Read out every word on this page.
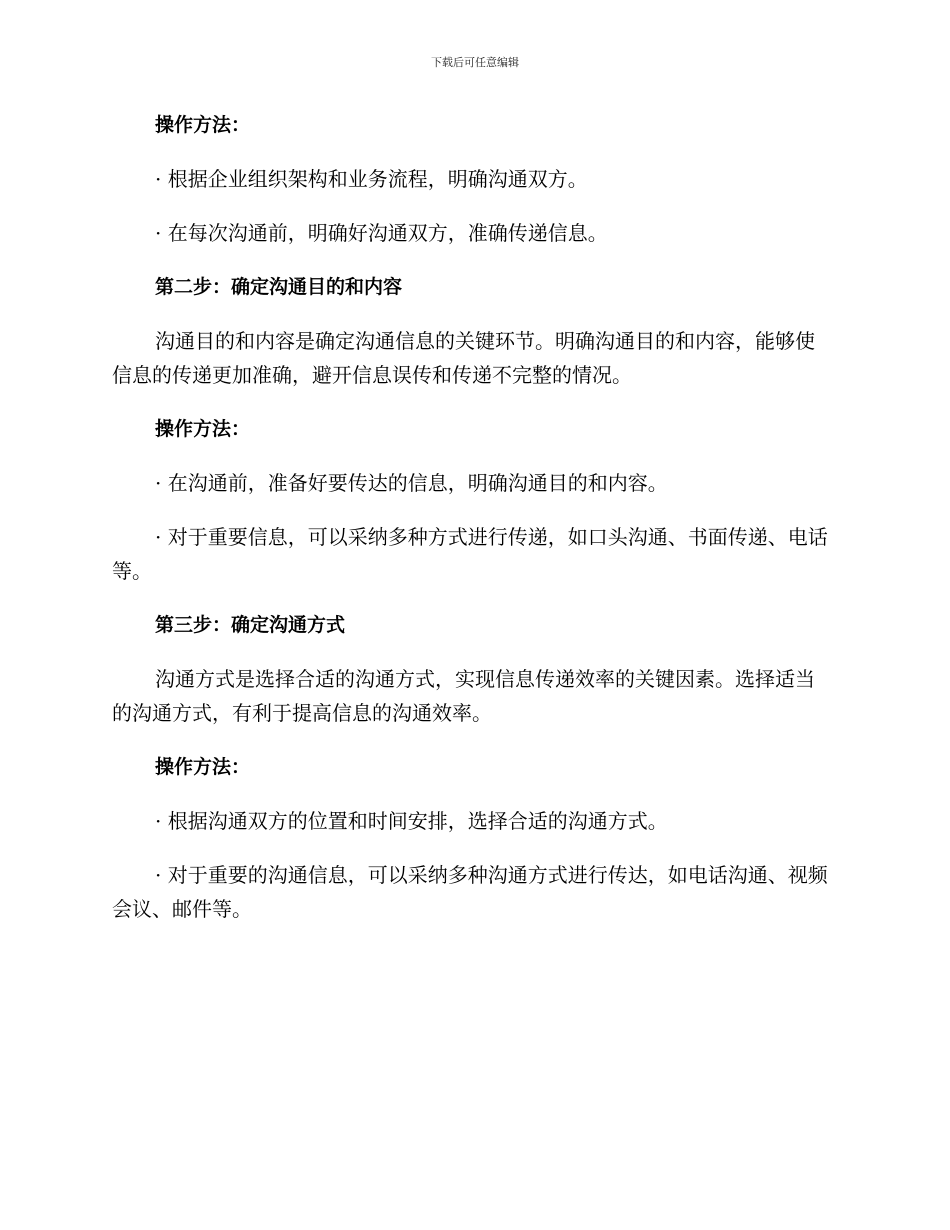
下载后可任意编辑

操作方法：

· 根据企业组织架构和业务流程，明确沟通双方。

· 在每次沟通前，明确好沟通双方，准确传递信息。

第二步：确定沟通目的和内容

沟通目的和内容是确定沟通信息的关键环节。明确沟通目的和内容，能够使信息的传递更加准确，避开信息误传和传递不完整的情况。

操作方法：

· 在沟通前，准备好要传达的信息，明确沟通目的和内容。

· 对于重要信息，可以采纳多种方式进行传递，如口头沟通、书面传递、电话等。

第三步：确定沟通方式

沟通方式是选择合适的沟通方式，实现信息传递效率的关键因素。选择适当的沟通方式，有利于提高信息的沟通效率。

操作方法：

· 根据沟通双方的位置和时间安排，选择合适的沟通方式。

· 对于重要的沟通信息，可以采纳多种沟通方式进行传达，如电话沟通、视频会议、邮件等。
